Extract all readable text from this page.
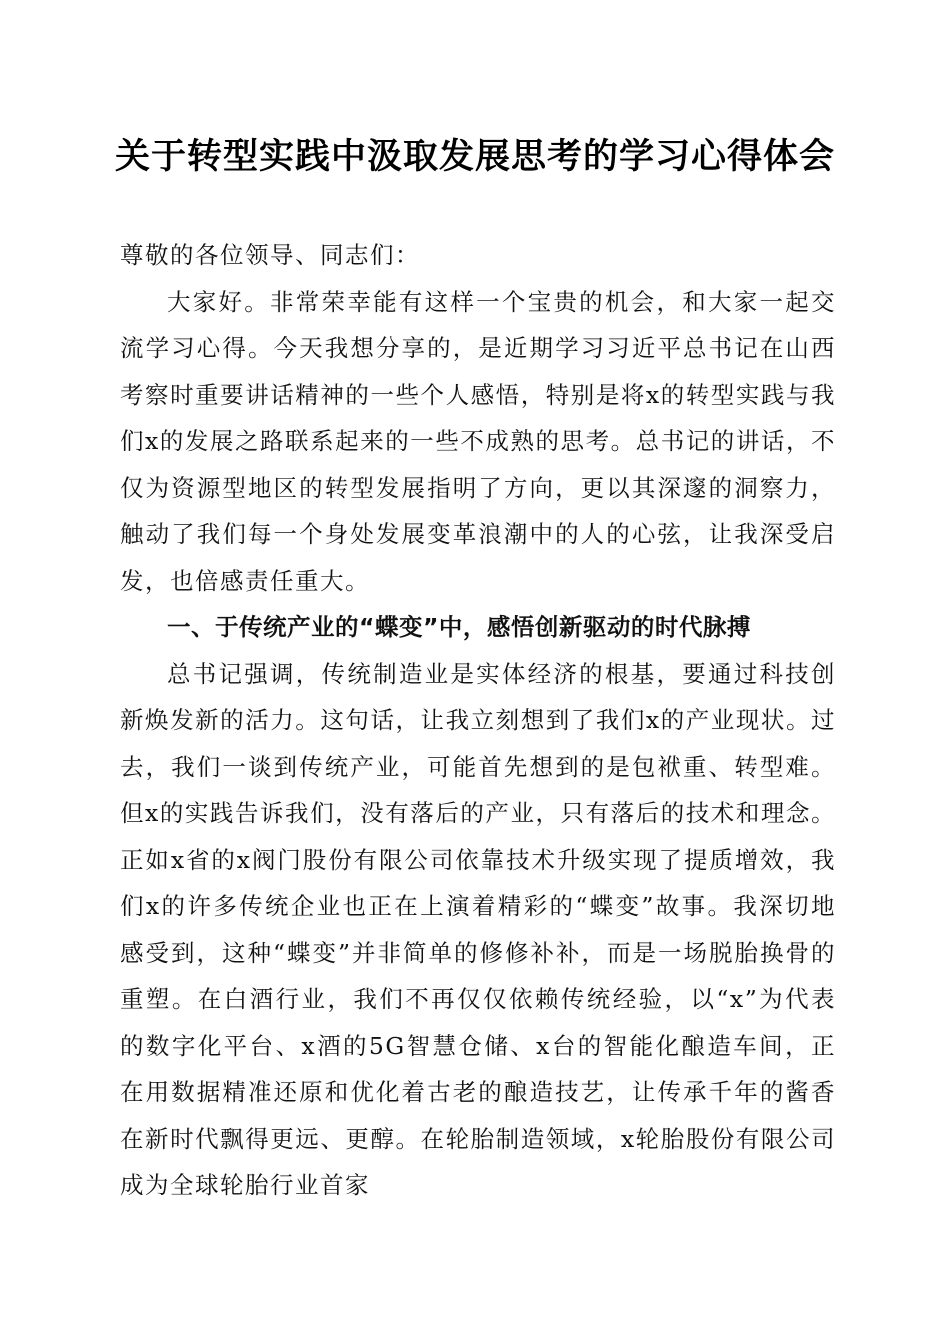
关于转型实践中汲取发展思考的学习心得体会

尊敬的各位领导、同志们：

大家好。非常荣幸能有这样一个宝贵的机会，和大家一起交流学习心得。今天我想分享的，是近期学习习近平总书记在山西考察时重要讲话精神的一些个人感悟，特别是将x的转型实践与我们x的发展之路联系起来的一些不成熟的思考。总书记的讲话，不仅为资源型地区的转型发展指明了方向，更以其深邃的洞察力，触动了我们每一个身处发展变革浪潮中的人的心弦，让我深受启发，也倍感责任重大。

一、于传统产业的“蝶变”中，感悟创新驱动的时代脉搏

总书记强调，传统制造业是实体经济的根基，要通过科技创新焕发新的活力。这句话，让我立刻想到了我们x的产业现状。过去，我们一谈到传统产业，可能首先想到的是包袱重、转型难。但x的实践告诉我们，没有落后的产业，只有落后的技术和理念。正如x省的x阀门股份有限公司依靠技术升级实现了提质增效，我们x的许多传统企业也正在上演着精彩的“蝶变”故事。我深切地感受到，这种“蝶变”并非简单的修修补补，而是一场脱胎换骨的重塑。在白酒行业，我们不再仅仅依赖传统经验，以“x”为代表的数字化平台、x酒的5G智慧仓储、x台的智能化酿造车间，正在用数据精准还原和优化着古老的酿造技艺，让传承千年的酱香在新时代飘得更远、更醇。在轮胎制造领域，x轮胎股份有限公司成为全球轮胎行业首家
